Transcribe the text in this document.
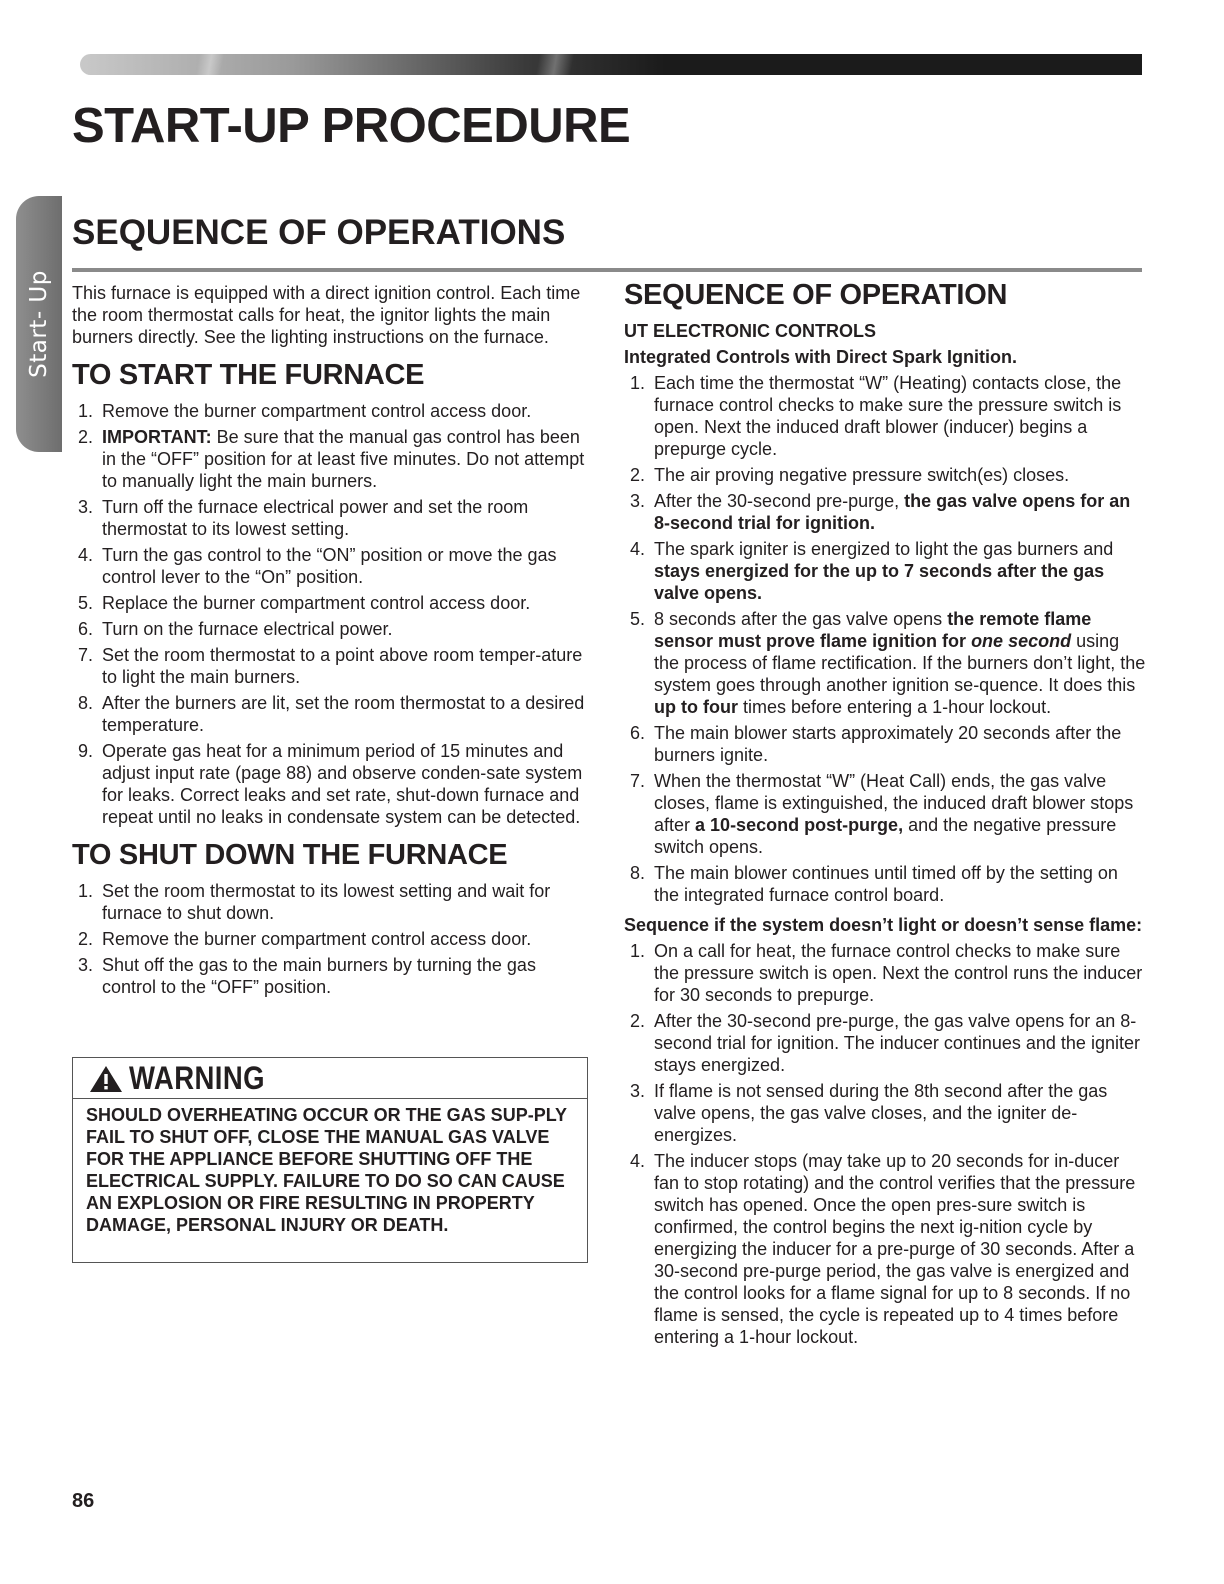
START-UP PROCEDURE
Start- Up
SEQUENCE OF OPERATIONS

This furnace is equipped with a direct ignition control. Each time the room thermostat calls for heat, the ignitor lights the main burners directly. See the lighting instructions on the furnace.

TO START THE FURNACE
1. Remove the burner compartment control access door.
2. IMPORTANT: Be sure that the manual gas control has been in the “OFF” position for at least five minutes. Do not attempt to manually light the main burners.
3. Turn off the furnace electrical power and set the room thermostat to its lowest setting.
4. Turn the gas control to the “ON” position or move the gas control lever to the “On” position.
5. Replace the burner compartment control access door.
6. Turn on the furnace electrical power.
7. Set the room thermostat to a point above room temper-ature to light the main burners.
8. After the burners are lit, set the room thermostat to a desired temperature.
9. Operate gas heat for a minimum period of 15 minutes and adjust input rate (page 88) and observe conden-sate system for leaks. Correct leaks and set rate, shut-down furnace and repeat until no leaks in condensate system can be detected.
TO SHUT DOWN THE FURNACE
1. Set the room thermostat to its lowest setting and wait for furnace to shut down.
2. Remove the burner compartment control access door.
3. Shut off the gas to the main burners by turning the gas control to the “OFF” position.
WARNING

SHOULD OVERHEATING OCCUR OR THE GAS SUP-PLY FAIL TO SHUT OFF, CLOSE THE MANUAL GAS VALVE FOR THE APPLIANCE BEFORE SHUTTING OFF THE ELECTRICAL SUPPLY. FAILURE TO DO SO CAN CAUSE AN EXPLOSION OR FIRE RESULTING IN PROPERTY DAMAGE, PERSONAL INJURY OR DEATH.

SEQUENCE OF OPERATION
UT ELECTRONIC CONTROLS
Integrated Controls with Direct Spark Ignition.
1. Each time the thermostat “W” (Heating) contacts close, the furnace control checks to make sure the pressure switch is open. Next the induced draft blower (inducer) begins a prepurge cycle.
2. The air proving negative pressure switch(es) closes.
3. After the 30-second pre-purge, the gas valve opens for an 8-second trial for ignition.
4. The spark igniter is energized to light the gas burners and stays energized for the up to 7 seconds after the gas valve opens.
5. 8 seconds after the gas valve opens the remote flame sensor must prove flame ignition for one second using the process of flame rectification. If the burners don’t light, the system goes through another ignition se-quence. It does this up to four times before entering a 1-hour lockout.
6. The main blower starts approximately 20 seconds after the burners ignite.
7. When the thermostat “W” (Heat Call) ends, the gas valve closes, flame is extinguished, the induced draft blower stops after a 10-second post-purge, and the negative pressure switch opens.
8. The main blower continues until timed off by the setting on the integrated furnace control board.
Sequence if the system doesn’t light or doesn’t sense flame:
1. On a call for heat, the furnace control checks to make sure the pressure switch is open. Next the control runs the inducer for 30 seconds to prepurge.
2. After the 30-second pre-purge, the gas valve opens for an 8-second trial for ignition. The inducer continues and the igniter stays energized.
3. If flame is not sensed during the 8th second after the gas valve opens, the gas valve closes, and the igniter de-energizes.
4. The inducer stops (may take up to 20 seconds for in-ducer fan to stop rotating) and the control verifies that the pressure switch has opened. Once the open pres-sure switch is confirmed, the control begins the next ig-nition cycle by energizing the inducer for a pre-purge of 30 seconds. After a 30-second pre-purge period, the gas valve is energized and the control looks for a flame signal for up to 8 seconds. If no flame is sensed, the cycle is repeated up to 4 times before entering a 1-hour lockout.
86
